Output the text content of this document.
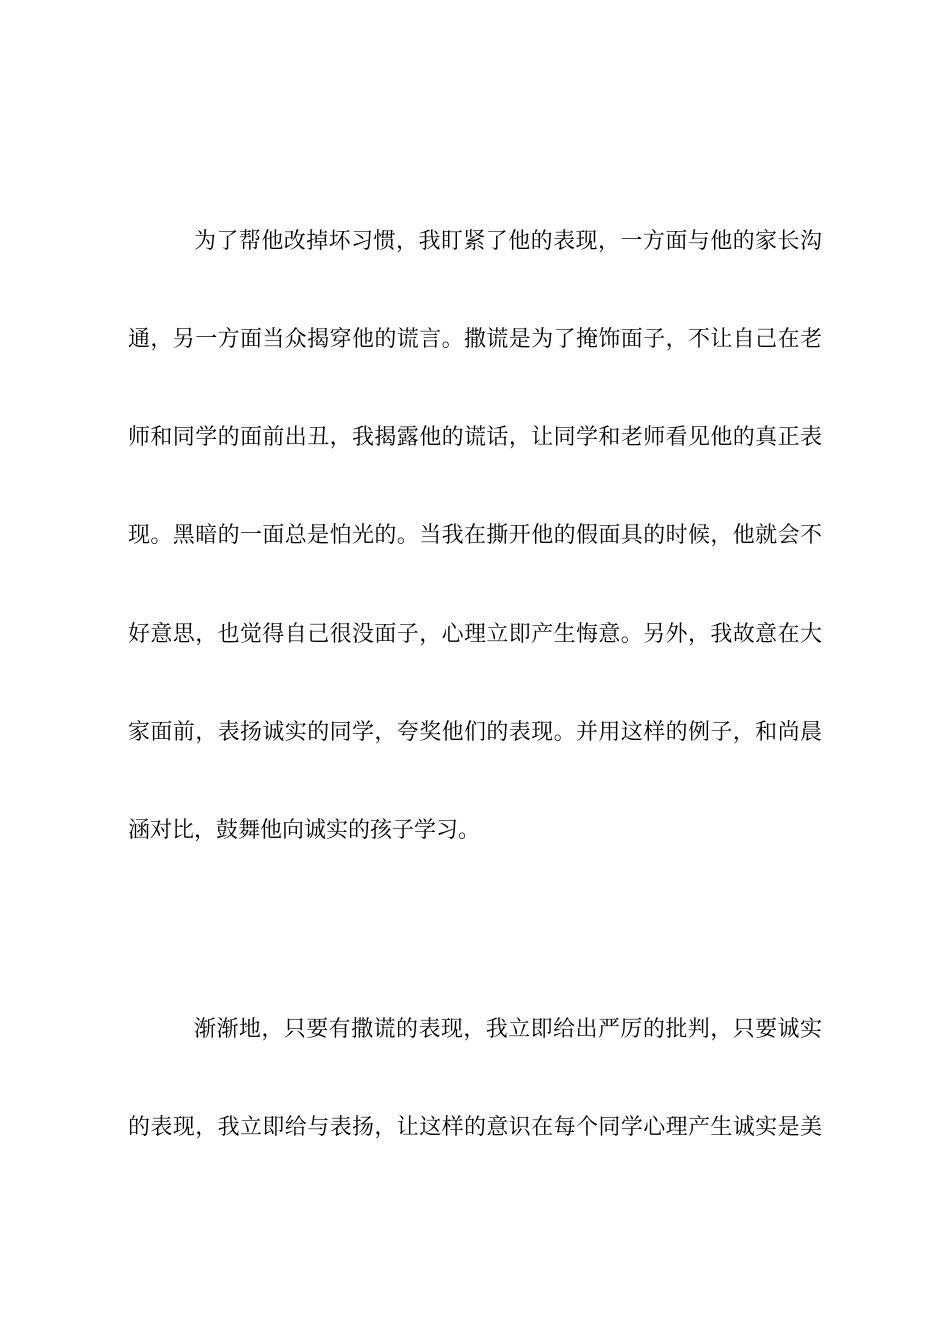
为了帮他改掉坏习惯，我盯紧了他的表现，一方面与他的家长沟
通，另一方面当众揭穿他的谎言。撒谎是为了掩饰面子，不让自己在老
师和同学的面前出丑，我揭露他的谎话，让同学和老师看见他的真正表
现。黑暗的一面总是怕光的。当我在撕开他的假面具的时候，他就会不
好意思，也觉得自己很没面子，心理立即产生悔意。另外，我故意在大
家面前，表扬诚实的同学，夸奖他们的表现。并用这样的例子，和尚晨
涵对比，鼓舞他向诚实的孩子学习。
渐渐地，只要有撒谎的表现，我立即给出严厉的批判，只要诚实
的表现，我立即给与表扬，让这样的意识在每个同学心理产生诚实是美
